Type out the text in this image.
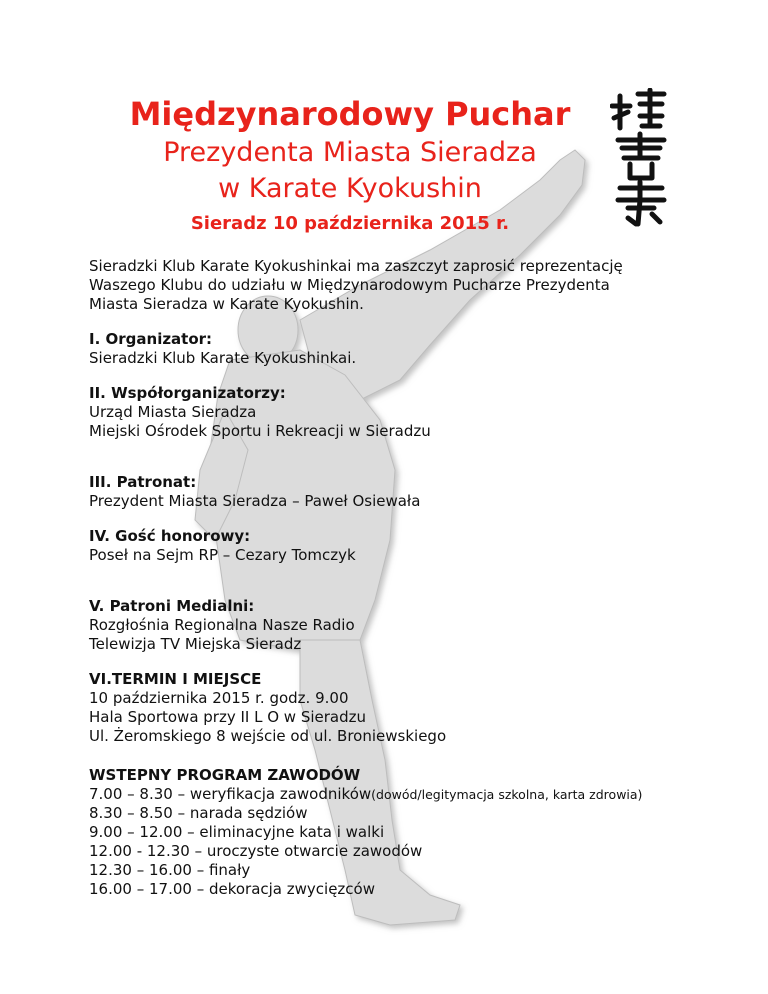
Międzynarodowy Puchar
Prezydenta Miasta Sieradza
w Karate Kyokushin
Sieradz 10 października 2015 r.

Sieradzki Klub Karate Kyokushinkai ma zaszczyt zaprosić reprezentację
Waszego Klubu do udziału w Międzynarodowym Pucharze Prezydenta
Miasta Sieradza w Karate Kyokushin.

I. Organizator:
Sieradzki Klub Karate Kyokushinkai.
II. Współorganizatorzy:
Urząd Miasta Sieradza
Miejski Ośrodek Sportu i Rekreacji w Sieradzu
III. Patronat:
Prezydent Miasta Sieradza – Paweł Osiewała
IV. Gość honorowy:
Poseł na Sejm RP – Cezary Tomczyk
V. Patroni Medialni:
Rozgłośnia Regionalna Nasze Radio
Telewizja TV Miejska Sieradz
VI.TERMIN I MIEJSCE
10 października 2015 r. godz. 9.00
Hala Sportowa przy II L O w Sieradzu
Ul. Żeromskiego 8 wejście od ul. Broniewskiego
WSTEPNY PROGRAM ZAWODÓW
7.00 – 8.30 – weryfikacja zawodników(dowód/legitymacja szkolna, karta zdrowia)
8.30 – 8.50 – narada sędziów
9.00 – 12.00 – eliminacyjne kata i walki
12.00 - 12.30 – uroczyste otwarcie zawodów
12.30 – 16.00 – finały
16.00 – 17.00 – dekoracja zwycięzców
